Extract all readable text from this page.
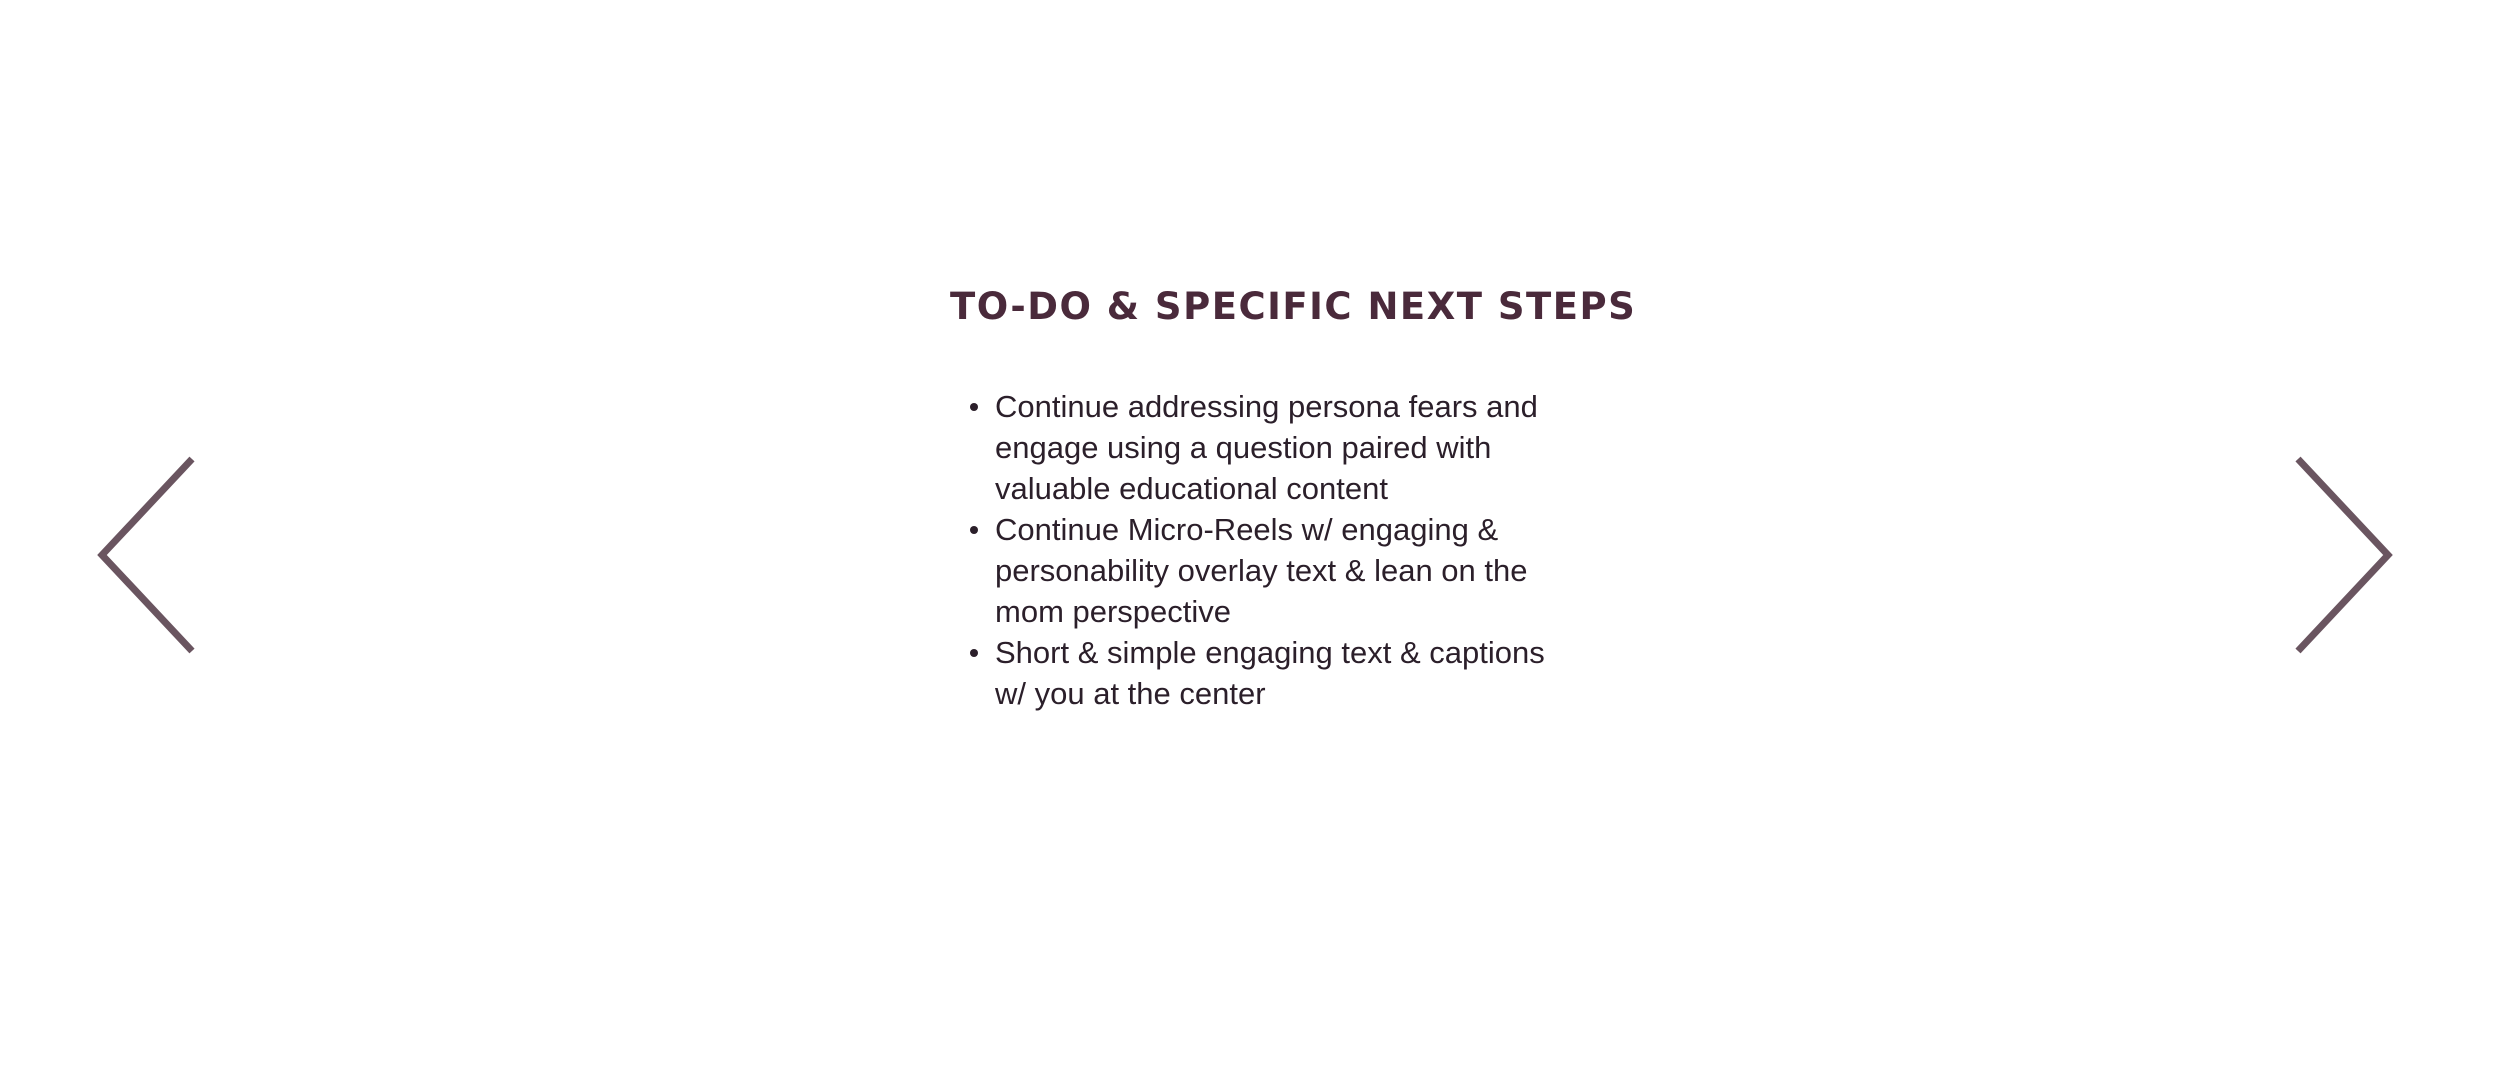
TO-DO & SPECIFIC NEXT STEPS
Continue addressing persona fears and engage using a question paired with valuable educational content
Continue Micro-Reels w/ engaging & personability overlay text & lean on the mom perspective
Short & simple engaging text & captions w/ you at the center
